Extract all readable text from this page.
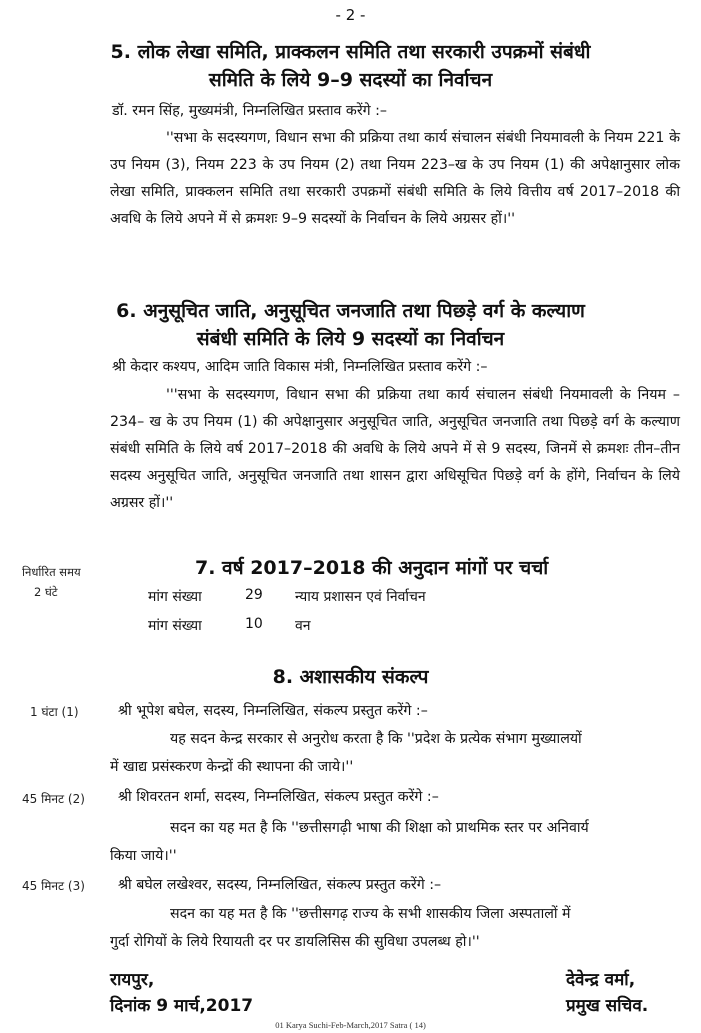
- 2 -
5. लोक लेखा समिति, प्राक्कलन समिति तथा सरकारी उपक्रमों संबंधी
समिति के लिये 9–9 सदस्यों का निर्वाचन
डॉ. रमन सिंह, मुख्यमंत्री, निम्नलिखित प्रस्ताव करेंगे :–
''सभा के सदस्यगण, विधान सभा की प्रक्रिया तथा कार्य संचालन संबंधी नियमावली के नियम 221 के उप नियम (3), नियम 223 के उप नियम (2) तथा नियम 223–ख के उप नियम (1) की अपेक्षानुसार लोक लेखा समिति, प्राक्कलन समिति तथा सरकारी उपक्रमों संबंधी समिति के लिये वित्तीय वर्ष 2017–2018 की अवधि के लिये अपने में से क्रमशः 9–9 सदस्यों के निर्वाचन के लिये अग्रसर हों।''
6. अनुसूचित जाति, अनुसूचित जनजाति तथा पिछड़े वर्ग के कल्याण
संबंधी समिति के लिये 9 सदस्यों का निर्वाचन
श्री केदार कश्यप, आदिम जाति विकास मंत्री, निम्नलिखित प्रस्ताव करेंगे :–
'''सभा के सदस्यगण, विधान सभा की प्रक्रिया तथा कार्य संचालन संबंधी नियमावली के नियम – 234– ख के उप नियम (1) की अपेक्षानुसार अनुसूचित जाति, अनुसूचित जनजाति तथा पिछड़े वर्ग के कल्याण संबंधी समिति के लिये वर्ष 2017–2018 की अवधि के लिये अपने में से 9 सदस्य, जिनमें से क्रमशः तीन–तीन सदस्य अनुसूचित जाति, अनुसूचित जनजाति तथा शासन द्वारा अधिसूचित पिछड़े वर्ग के होंगे, निर्वाचन के लिये अग्रसर हों।''
निर्धारित समय
2 घंटे
7. वर्ष 2017–2018 की अनुदान मांगों पर चर्चा
मांग संख्या	29 न्याय प्रशासन एवं निर्वाचन
मांग संख्या	10 वन
8. अशासकीय संकल्प
1 घंटा (1)	श्री भूपेश बघेल, सदस्य, निम्नलिखित, संकल्प प्रस्तुत करेंगे :–
यह सदन केन्द्र सरकार से अनुरोध करता है कि ''प्रदेश के प्रत्येक संभाग मुख्यालयों
में खाद्य प्रसंस्करण केन्द्रों की स्थापना की जाये।''
45 मिनट (2) श्री शिवरतन शर्मा, सदस्य, निम्नलिखित, संकल्प प्रस्तुत करेंगे :–
सदन का यह मत है कि ''छत्तीसगढ़ी भाषा की शिक्षा को प्राथमिक स्तर पर अनिवार्य
किया जाये।''
45 मिनट (3) श्री बघेल लखेश्वर, सदस्य, निम्नलिखित, संकल्प प्रस्तुत करेंगे :–
सदन का यह मत है कि ''छत्तीसगढ़ राज्य के सभी शासकीय जिला अस्पतालों में
गुर्दा रोगियों के लिये रियायती दर पर डायलिसिस की सुविधा उपलब्ध हो।''
रायपुर,
दिनांक 9 मार्च,2017
देवेन्द्र वर्मा,
प्रमुख सचिव.
01 Karya Suchi-Feb-March,2017 Satra ( 14)
